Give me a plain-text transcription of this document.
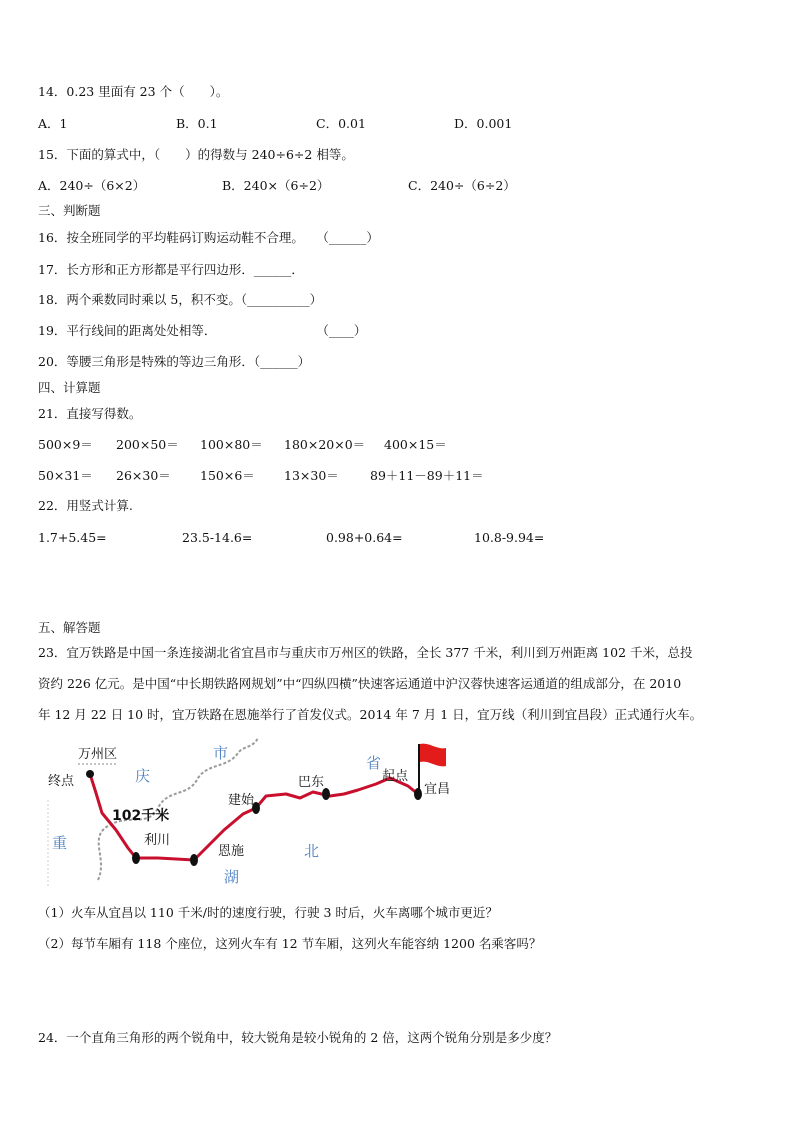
14．0.23 里面有 23 个（　　）。
A．1	B．0.1	C．0.01	D．0.001
15．下面的算式中，（　　）的得数与 240÷6÷2 相等。
A．240÷（6×2）	B．240×（6÷2）	C．240÷（6÷2）
三、判断题
16．按全班同学的平均鞋码订购运动鞋不合理。　　（______）
17．长方形和正方形都是平行四边形．______．
18．两个乘数同时乘以 5，积不变。（__________）
19．平行线间的距离处处相等．　　　　　　　　　（____）
20．等腰三角形是特殊的等边三角形．（______）
四、计算题
21．直接写得数。
500×9＝ 200×50＝ 100×80＝ 180×20×0＝ 400×15＝
50×31＝ 26×30＝ 150×6＝ 13×30＝ 89＋11－89＋11＝
22．用竖式计算.
1.7+5.45=	23.5-14.6=	0.98+0.64=	10.8-9.94=
五、解答题
23．宜万铁路是中国一条连接湖北省宜昌市与重庆市万州区的铁路，全长 377 千米，利川到万州距离 102 千米，总投
资约 226 亿元。是中国“中长期铁路网规划”中“四纵四横”快速客运通道中沪汉蓉快速客运通道的组成部分，在 2010
年 12 月 22 日 10 时，宜万铁路在恩施举行了首发仪式。2014 年 7 月 1 日，宜万线（利川到宜昌段）正式通行火车。
万州区
终点	庆
重
市
102千米
利川
建始
恩施
巴东
省
起点
宜昌
北
湖
（1）火车从宜昌以 110 千米/时的速度行驶，行驶 3 时后，火车离哪个城市更近？
（2）每节车厢有 118 个座位，这列火车有 12 节车厢，这列火车能容纳 1200 名乘客吗？
24．一个直角三角形的两个锐角中，较大锐角是较小锐角的 2 倍，这两个锐角分别是多少度？
